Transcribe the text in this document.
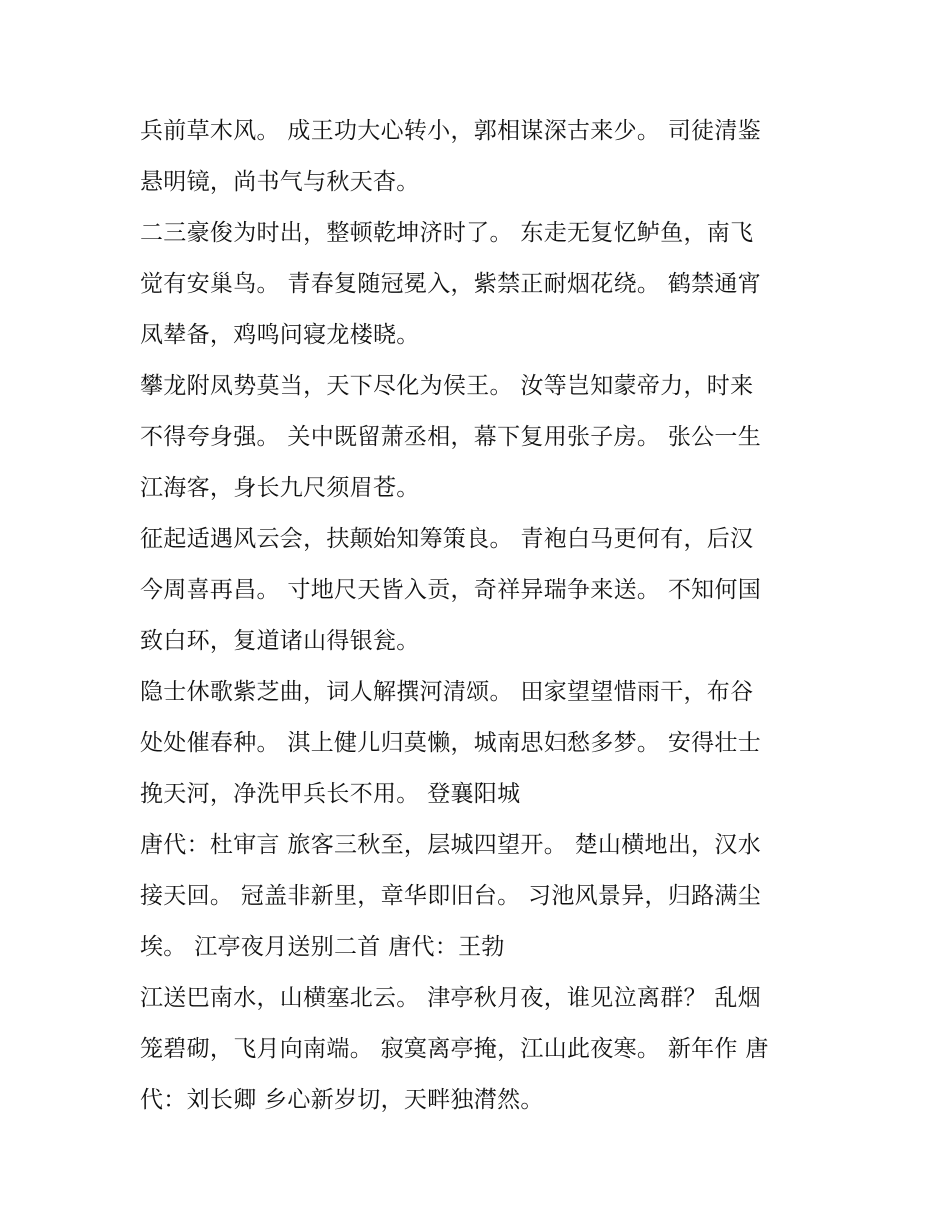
兵前草木风。 成王功大心转小，郭相谋深古来少。 司徒清鉴
悬明镜，尚书气与秋天杳。
二三豪俊为时出，整顿乾坤济时了。 东走无复忆鲈鱼，南飞
觉有安巢鸟。 青春复随冠冕入，紫禁正耐烟花绕。 鹤禁通宵
凤辇备，鸡鸣问寝龙楼晓。
攀龙附凤势莫当，天下尽化为侯王。 汝等岂知蒙帝力，时来
不得夸身强。 关中既留萧丞相，幕下复用张子房。 张公一生
江海客，身长九尺须眉苍。
征起适遇风云会，扶颠始知筹策良。 青袍白马更何有，后汉
今周喜再昌。 寸地尺天皆入贡，奇祥异瑞争来送。 不知何国
致白环，复道诸山得银瓮。
隐士休歌紫芝曲，词人解撰河清颂。 田家望望惜雨干，布谷
处处催春种。 淇上健儿归莫懒，城南思妇愁多梦。 安得壮士
挽天河，净洗甲兵长不用。 登襄阳城
唐代：杜审言 旅客三秋至，层城四望开。 楚山横地出，汉水
接天回。 冠盖非新里，章华即旧台。 习池风景异，归路满尘
埃。 江亭夜月送别二首 唐代：王勃
江送巴南水，山横塞北云。 津亭秋月夜，谁见泣离群？ 乱烟
笼碧砌，飞月向南端。 寂寞离亭掩，江山此夜寒。 新年作 唐
代：刘长卿 乡心新岁切，天畔独潸然。
